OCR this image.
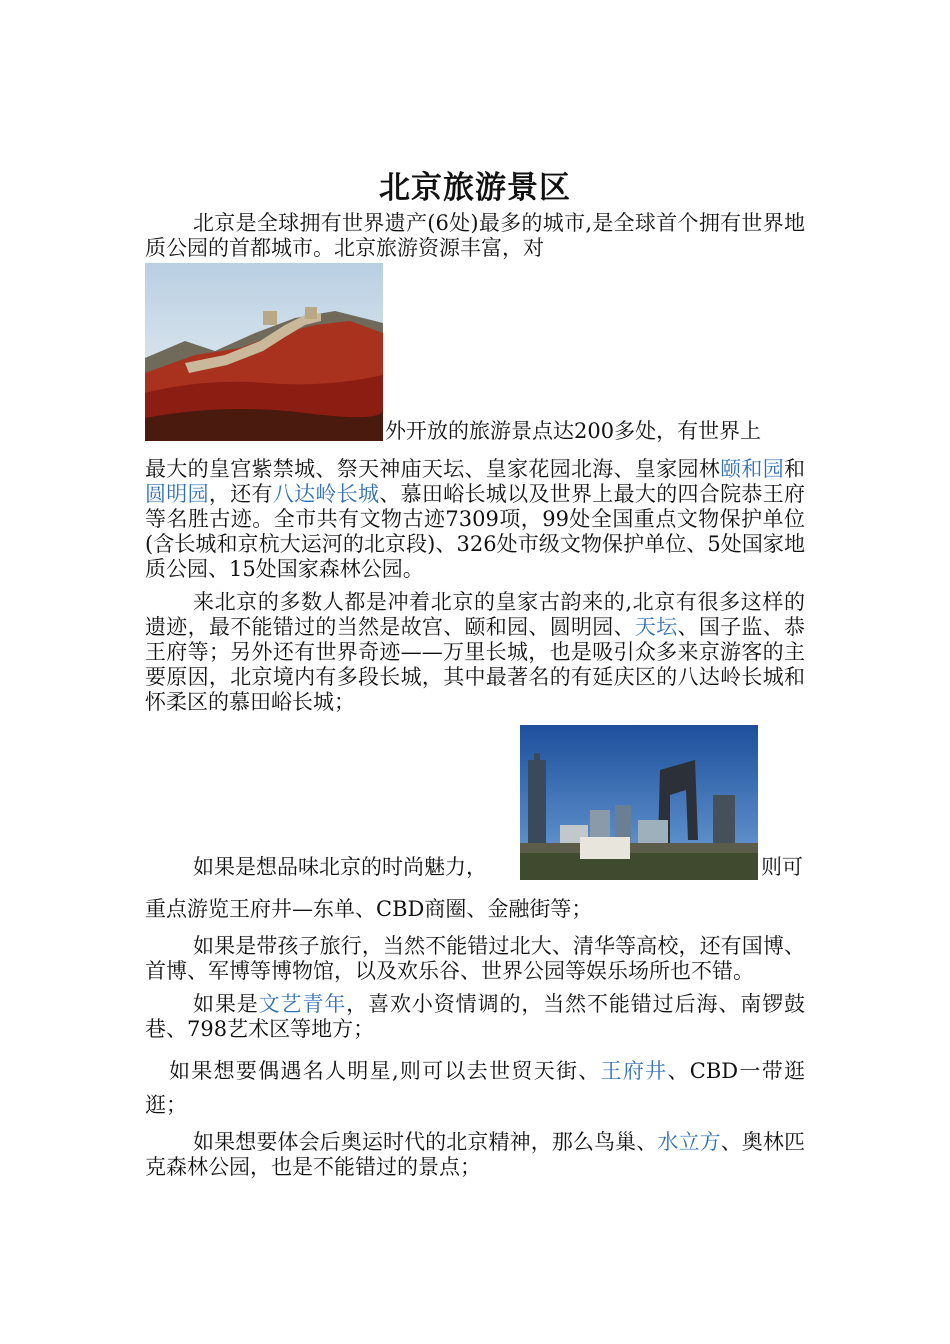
北京旅游景区

北京是全球拥有世界遗产(6处)最多的城市,是全球首个拥有世界地质公园的首都城市。北京旅游资源丰富，对

外开放的旅游景点达200多处，有世界上

最大的皇宫紫禁城、祭天神庙天坛、皇家花园北海、皇家园林颐和园和圆明园，还有八达岭长城、慕田峪长城以及世界上最大的四合院恭王府等名胜古迹。全市共有文物古迹7309项，99处全国重点文物保护单位(含长城和京杭大运河的北京段)、326处市级文物保护单位、5处国家地质公园、15处国家森林公园。

来北京的多数人都是冲着北京的皇家古韵来的,北京有很多这样的遗迹，最不能错过的当然是故宫、颐和园、圆明园、天坛、国子监、恭王府等；另外还有世界奇迹——万里长城，也是吸引众多来京游客的主要原因，北京境内有多段长城，其中最著名的有延庆区的八达岭长城和怀柔区的慕田峪长城；

如果是想品味北京的时尚魅力，	则可

重点游览王府井—东单、CBD商圈、金融街等；

如果是带孩子旅行，当然不能错过北大、清华等高校，还有国博、首博、军博等博物馆，以及欢乐谷、世界公园等娱乐场所也不错。

如果是文艺青年，喜欢小资情调的，当然不能错过后海、南锣鼓巷、798艺术区等地方；

如果想要偶遇名人明星,则可以去世贸天街、王府井、CBD一带逛逛；

如果想要体会后奥运时代的北京精神，那么鸟巢、水立方、奥林匹克森林公园，也是不能错过的景点；
